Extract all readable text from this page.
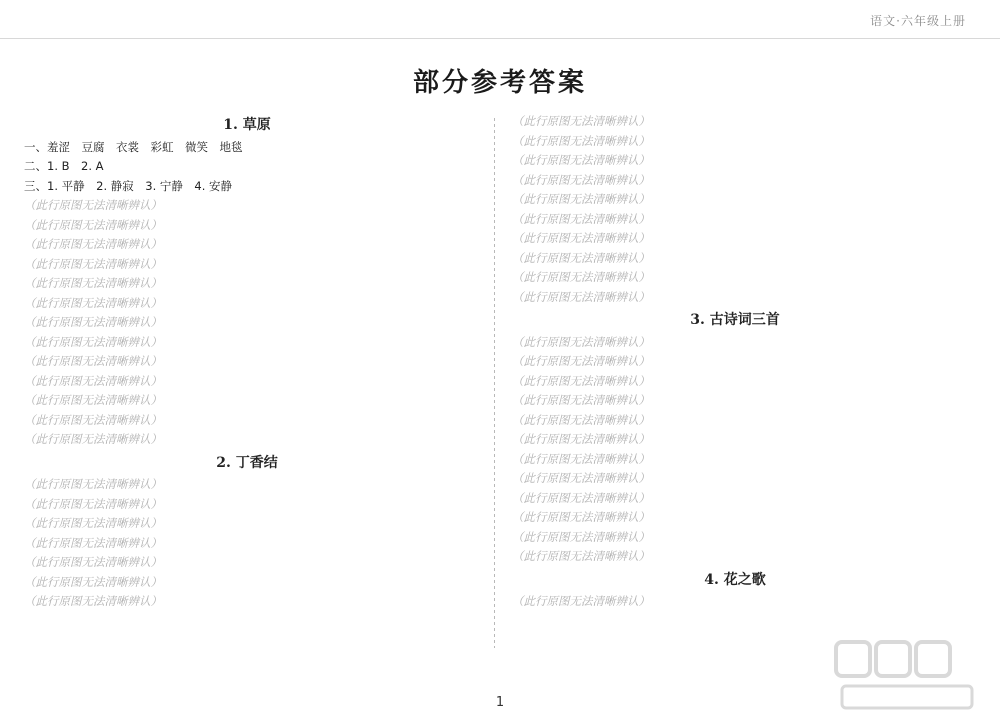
语文·六年级上册
部分参考答案
1. 草原

一、羞涩　豆腐　衣裳　彩虹　微笑　地毯

二、1. B　2. A

三、1. 平静　2. 静寂　3. 宁静　4. 安静

（此行原图无法清晰辨认）

（此行原图无法清晰辨认）

（此行原图无法清晰辨认）

（此行原图无法清晰辨认）

（此行原图无法清晰辨认）

（此行原图无法清晰辨认）

（此行原图无法清晰辨认）

（此行原图无法清晰辨认）

（此行原图无法清晰辨认）

（此行原图无法清晰辨认）

（此行原图无法清晰辨认）

（此行原图无法清晰辨认）

（此行原图无法清晰辨认）

2. 丁香结

（此行原图无法清晰辨认）

（此行原图无法清晰辨认）

（此行原图无法清晰辨认）

（此行原图无法清晰辨认）

（此行原图无法清晰辨认）

（此行原图无法清晰辨认）

（此行原图无法清晰辨认）

（此行原图无法清晰辨认）

（此行原图无法清晰辨认）

（此行原图无法清晰辨认）

（此行原图无法清晰辨认）

（此行原图无法清晰辨认）

（此行原图无法清晰辨认）

（此行原图无法清晰辨认）

（此行原图无法清晰辨认）

（此行原图无法清晰辨认）

（此行原图无法清晰辨认）

3. 古诗词三首

（此行原图无法清晰辨认）

（此行原图无法清晰辨认）

（此行原图无法清晰辨认）

（此行原图无法清晰辨认）

（此行原图无法清晰辨认）

（此行原图无法清晰辨认）

（此行原图无法清晰辨认）

（此行原图无法清晰辨认）

（此行原图无法清晰辨认）

（此行原图无法清晰辨认）

（此行原图无法清晰辨认）

（此行原图无法清晰辨认）

4. 花之歌

（此行原图无法清晰辨认）

1
